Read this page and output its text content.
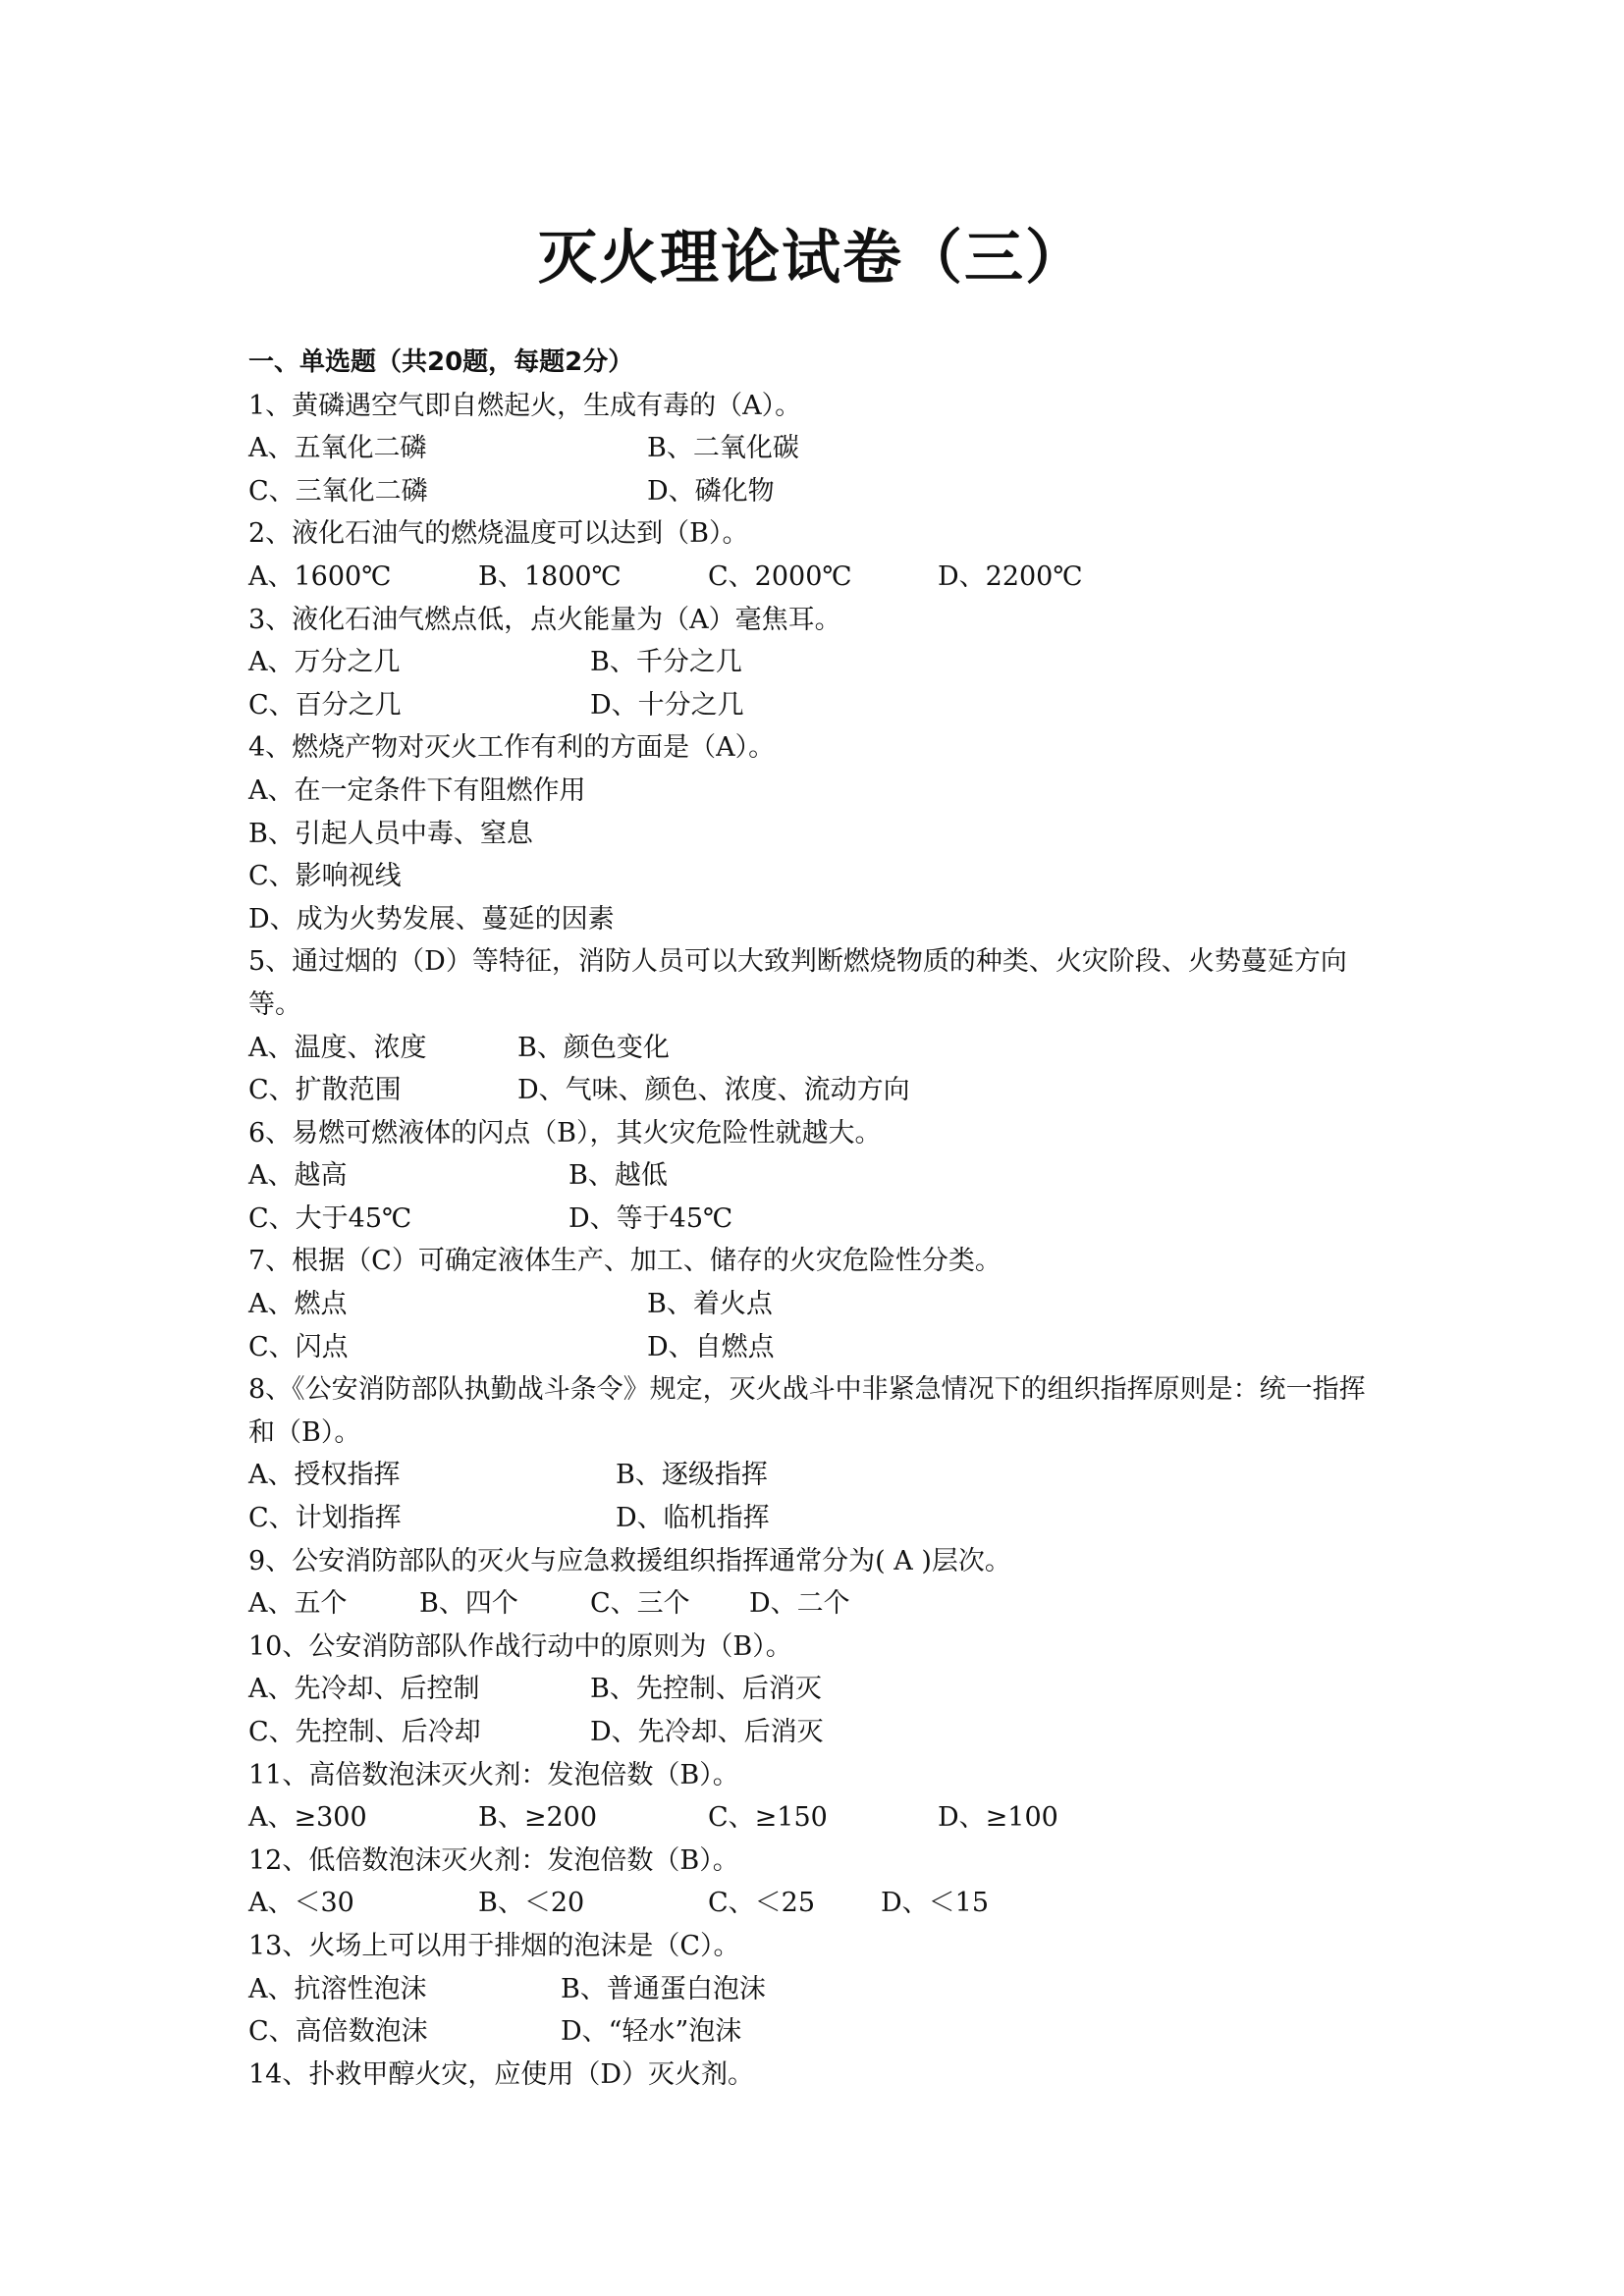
灭火理论试卷（三）
一、单选题（共20题，每题2分）
1、黄磷遇空气即自燃起火，生成有毒的（A）。
A、五氧化二磷	B、二氧化碳
C、三氧化二磷	D、磷化物
2、液化石油气的燃烧温度可以达到（B）。
A、1600℃	B、1800℃	C、2000℃	D、2200℃
3、液化石油气燃点低，点火能量为（A）毫焦耳。
A、万分之几	B、千分之几
C、百分之几	D、十分之几
4、燃烧产物对灭火工作有利的方面是（A）。
A、在一定条件下有阻燃作用
B、引起人员中毒、窒息
C、影响视线
D、成为火势发展、蔓延的因素
5、通过烟的（D）等特征，消防人员可以大致判断燃烧物质的种类、火灾阶段、火势蔓延方向等。
A、温度、浓度	B、颜色变化
C、扩散范围	D、气味、颜色、浓度、流动方向
6、易燃可燃液体的闪点（B），其火灾危险性就越大。
A、越高	B、越低
C、大于45℃	D、等于45℃
7、根据（C）可确定液体生产、加工、储存的火灾危险性分类。
A、燃点	B、着火点
C、闪点	D、自燃点
8、《公安消防部队执勤战斗条令》规定，灭火战斗中非紧急情况下的组织指挥原则是：统一指挥和（B）。
A、授权指挥	B、逐级指挥
C、计划指挥	D、临机指挥
9、公安消防部队的灭火与应急救援组织指挥通常分为( A )层次。
A、五个	B、四个	C、三个	D、二个
10、公安消防部队作战行动中的原则为（B）。
A、先冷却、后控制	B、先控制、后消灭
C、先控制、后冷却	D、先冷却、后消灭
11、高倍数泡沫灭火剂：发泡倍数（B）。
A、≥300	B、≥200	C、≥150	D、≥100
12、低倍数泡沫灭火剂：发泡倍数（B）。
A、＜30	B、＜20	C、＜25	D、＜15
13、火场上可以用于排烟的泡沫是（C）。
A、抗溶性泡沫	B、普通蛋白泡沫
C、高倍数泡沫	D、“轻水”泡沫
14、扑救甲醇火灾，应使用（D）灭火剂。
